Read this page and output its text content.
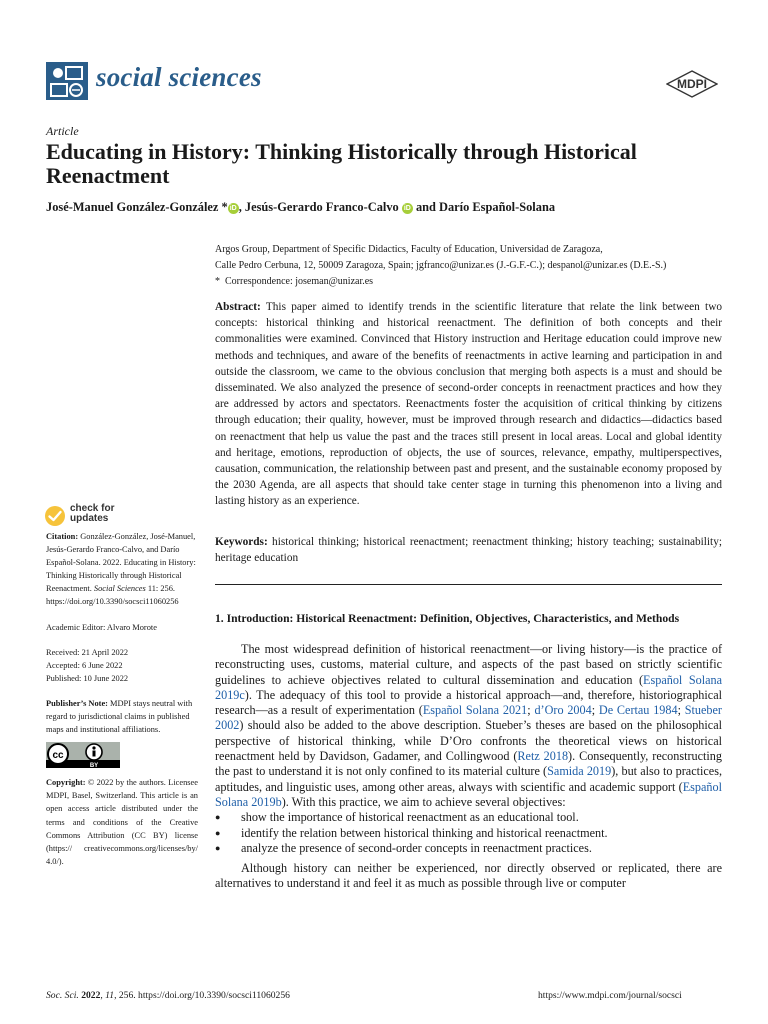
social sciences	MDPI
Article
Educating in History: Thinking Historically through Historical Reenactment
José-Manuel González-González * iD , Jesús-Gerardo Franco-Calvo iD and Darío Español-Solana
Argos Group, Department of Specific Didactics, Faculty of Education, Universidad de Zaragoza,
Calle Pedro Cerbuna, 12, 50009 Zaragoza, Spain; jgfranco@unizar.es (J.-G.F.-C.); despanol@unizar.es (D.E.-S.)
* Correspondence: joseman@unizar.es
Abstract: This paper aimed to identify trends in the scientific literature that relate the link between two concepts: historical thinking and historical reenactment. The definition of both concepts and their commonalities were examined. Convinced that History instruction and Heritage education could improve new methods and techniques, and aware of the benefits of reenactments in active learning and participation in and outside the classroom, we came to the obvious conclusion that merging both aspects is a must and should be disseminated. We also analyzed the presence of second-order concepts in reenactment practices and how they are addressed by actors and spectators. Reenactments foster the acquisition of critical thinking by citizens through education; their quality, however, must be improved through research and didactics—didactics based on reenactment that help us value the past and the traces still present in local areas. Local and global identity and heritage, emotions, reproduction of objects, the use of sources, relevance, empathy, multiperspectives, causation, communication, the relationship between past and present, and the sustainable economy proposed by the 2030 Agenda, are all aspects that should take center stage in turning this phenomenon into a living and lasting history as an experience.
Keywords: historical thinking; historical reenactment; reenactment thinking; history teaching; sustainability; heritage education
1. Introduction: Historical Reenactment: Definition, Objectives, Characteristics, and Methods
The most widespread definition of historical reenactment—or living history—is the practice of reconstructing uses, customs, material culture, and aspects of the past based on strictly scientific guidelines to achieve objectives related to cultural dissemination and education (Español Solana 2019c). The adequacy of this tool to provide a historical approach—and, therefore, historiographical research—as a result of experimentation (Español Solana 2021; d’Oro 2004; De Certau 1984; Stueber 2002) should also be added to the above description. Stueber’s theses are based on the philosophical perspective of historical thinking, while D’Oro confronts the theoretical views on historical reenactment held by Davidson, Gadamer, and Collingwood (Retz 2018). Consequently, reconstructing the past to understand it is not only confined to its material culture (Samida 2019), but also to practices, aptitudes, and linguistic uses, among other areas, always with scientific and academic support (Español Solana 2019b). With this practice, we aim to achieve several objectives:
● show the importance of historical reenactment as an educational tool.
● identify the relation between historical thinking and historical reenactment.
● analyze the presence of second-order concepts in reenactment practices.
Although history can neither be experienced, nor directly observed or replicated, there are alternatives to understand it and feel it as much as possible through live or computer
check for
updates

Citation: González-González, José-Manuel, Jesús-Gerardo Franco-Calvo, and Darío Español-Solana. 2022. Educating in History: Thinking Historically through Historical Reenactment. Social Sciences 11: 256. https://doi.org/10.3390/socsci11060256

Academic Editor: Alvaro Morote

Received: 21 April 2022

Accepted: 6 June 2022

Published: 10 June 2022

Publisher’s Note: MDPI stays neutral with regard to jurisdictional claims in published maps and institutional affiliations.

cc
BY

Copyright: © 2022 by the authors. Licensee MDPI, Basel, Switzerland. This article is an open access article distributed under the terms and conditions of the Creative Commons Attribution (CC BY) license (https:// creativecommons.org/licenses/by/ 4.0/).

Soc. Sci. 2022, 11, 256. https://doi.org/10.3390/socsci11060256	https://www.mdpi.com/journal/socsci
